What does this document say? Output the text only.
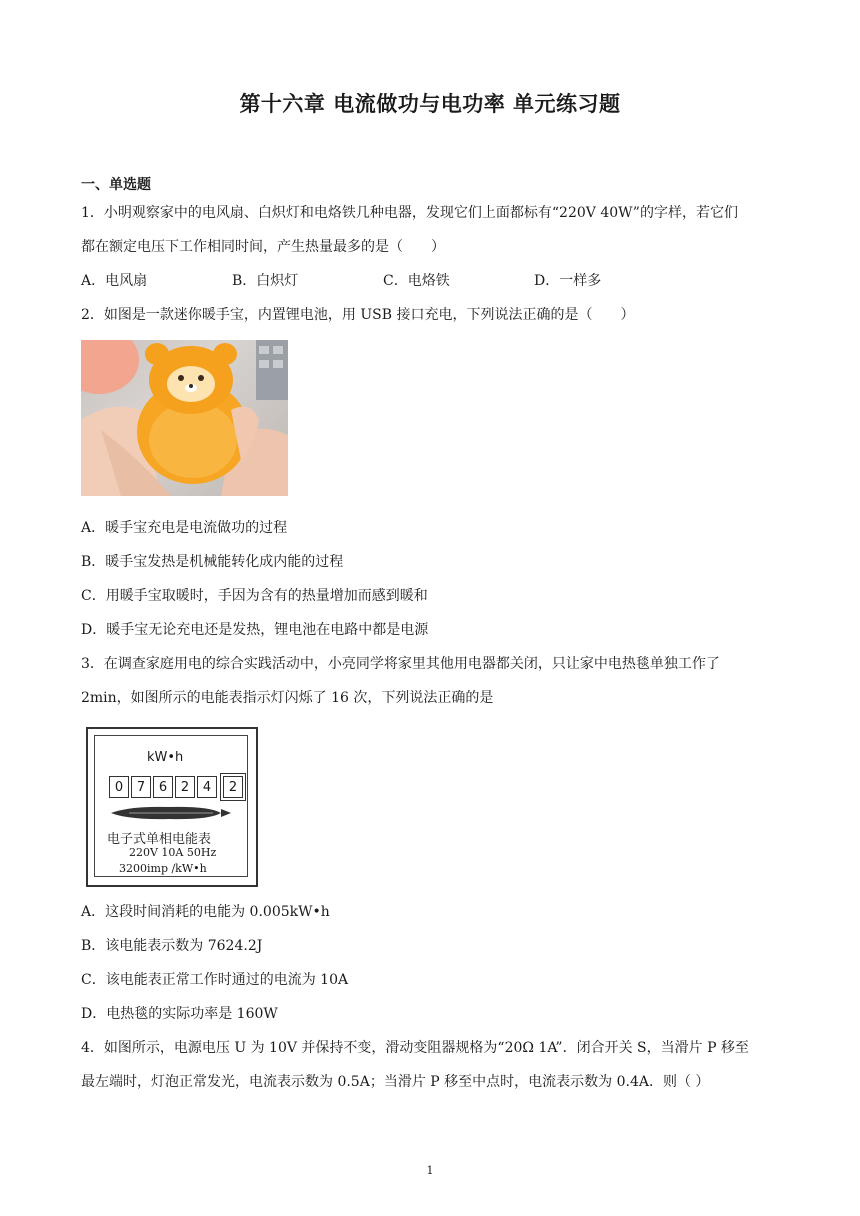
第十六章 电流做功与电功率 单元练习题
一、单选题
1．小明观察家中的电风扇、白炽灯和电烙铁几种电器，发现它们上面都标有“220V 40W”的字样，若它们
都在额定电压下工作相同时间，产生热量最多的是（　　）
A．电风扇	B．白炽灯	C．电烙铁	D．一样多
2．如图是一款迷你暖手宝，内置锂电池，用 USB 接口充电，下列说法正确的是（　　）
A．暖手宝充电是电流做功的过程
B．暖手宝发热是机械能转化成内能的过程
C．用暖手宝取暖时，手因为含有的热量增加而感到暖和
D．暖手宝无论充电还是发热，锂电池在电路中都是电源
3．在调查家庭用电的综合实践活动中，小亮同学将家里其他用电器都关闭，只让家中电热毯单独工作了
2min，如图所示的电能表指示灯闪烁了 16 次，下列说法正确的是
kW•h
0	7	6	2	4	2
电子式单相电能表
220V 10A 50Hz
3200imp /kW•h
A．这段时间消耗的电能为 0.005kW•h
B．该电能表示数为 7624.2J
C．该电能表正常工作时通过的电流为 10A
D．电热毯的实际功率是 160W
4．如图所示，电源电压 U 为 10V 并保持不变，滑动变阻器规格为“20Ω 1A”．闭合开关 S，当滑片 P 移至
最左端时，灯泡正常发光，电流表示数为 0.5A；当滑片 P 移至中点时，电流表示数为 0.4A．则（ ）
1
